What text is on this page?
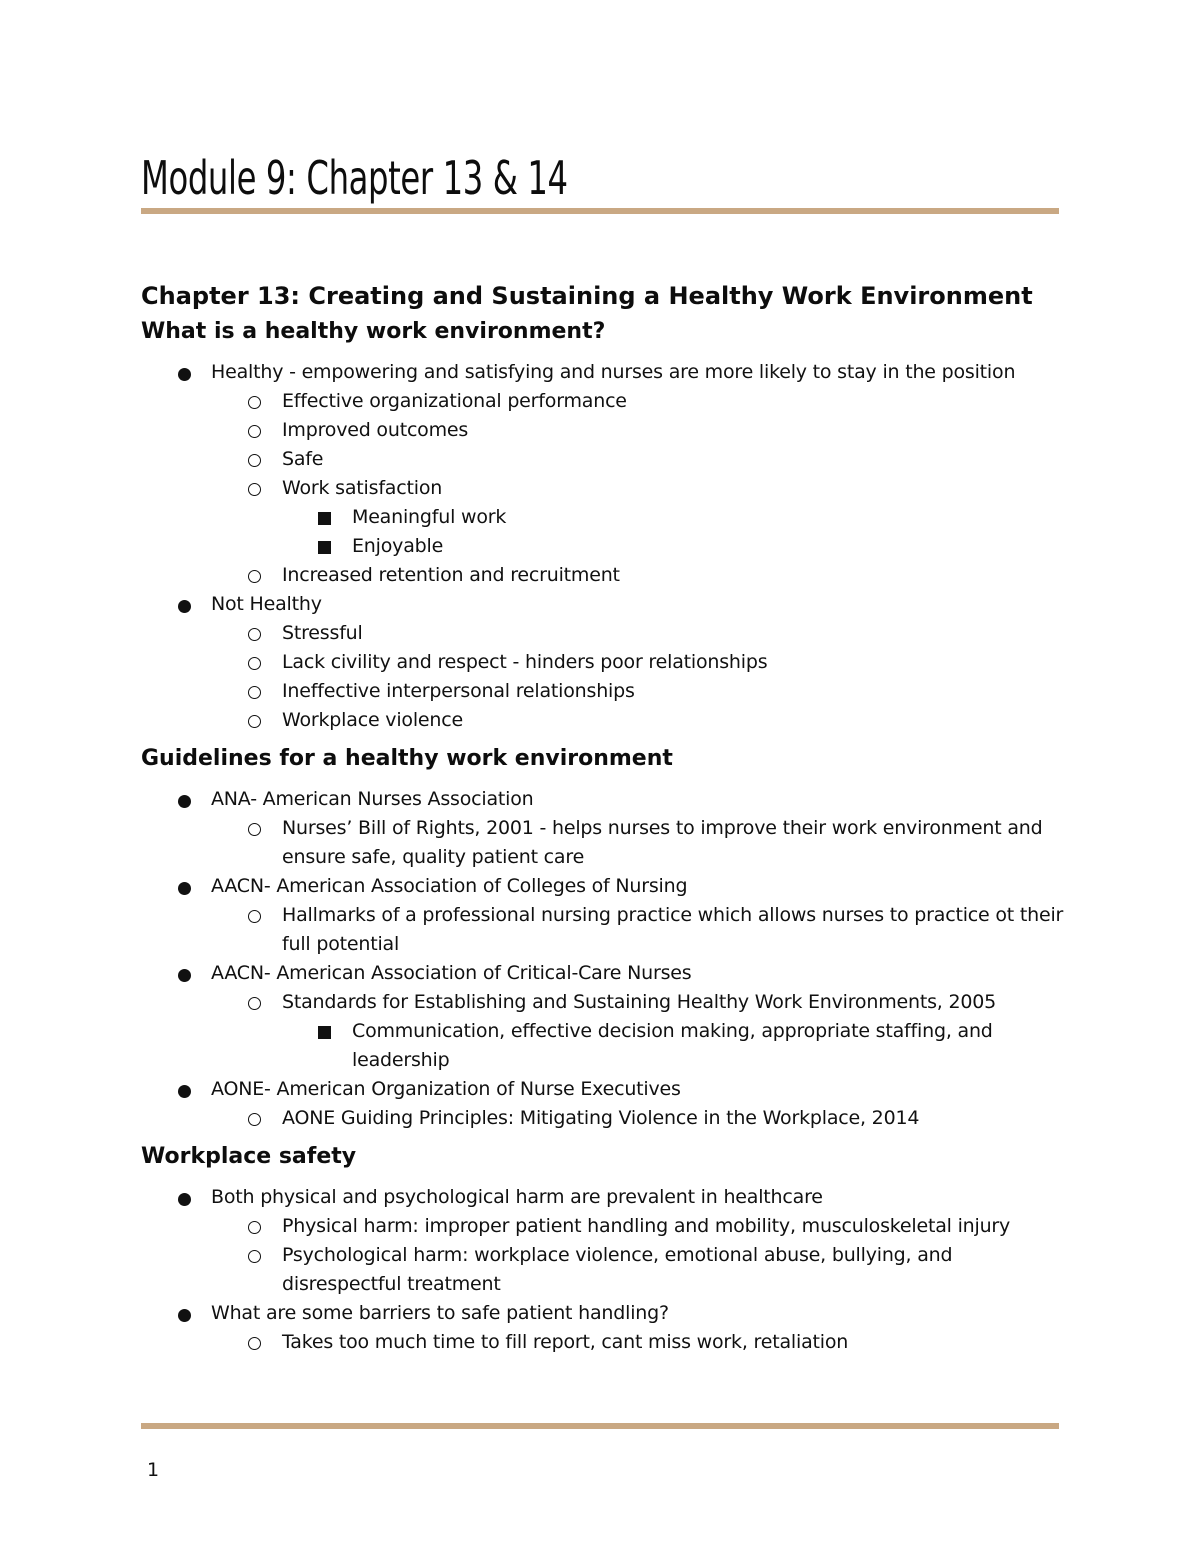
Module 9: Chapter 13 & 14
Chapter 13: Creating and Sustaining a Healthy Work Environment
What is a healthy work environment?
Healthy - empowering and satisfying and nurses are more likely to stay in the position
Effective organizational performance
Improved outcomes
Safe
Work satisfaction
Meaningful work
Enjoyable
Increased retention and recruitment
Not Healthy
Stressful
Lack civility and respect - hinders poor relationships
Ineffective interpersonal relationships
Workplace violence
Guidelines for a healthy work environment
ANA- American Nurses Association
Nurses’ Bill of Rights, 2001 - helps nurses to improve their work environment and ensure safe, quality patient care
AACN- American Association of Colleges of Nursing
Hallmarks of a professional nursing practice which allows nurses to practice ot their full potential
AACN- American Association of Critical-Care Nurses
Standards for Establishing and Sustaining Healthy Work Environments, 2005
Communication, effective decision making, appropriate staffing, and leadership
AONE- American Organization of Nurse Executives
AONE Guiding Principles: Mitigating Violence in the Workplace, 2014
Workplace safety
Both physical and psychological harm are prevalent in healthcare
Physical harm: improper patient handling and mobility, musculoskeletal injury
Psychological harm: workplace violence, emotional abuse, bullying, and disrespectful treatment
What are some barriers to safe patient handling?
Takes too much time to fill report, cant miss work, retaliation
1
